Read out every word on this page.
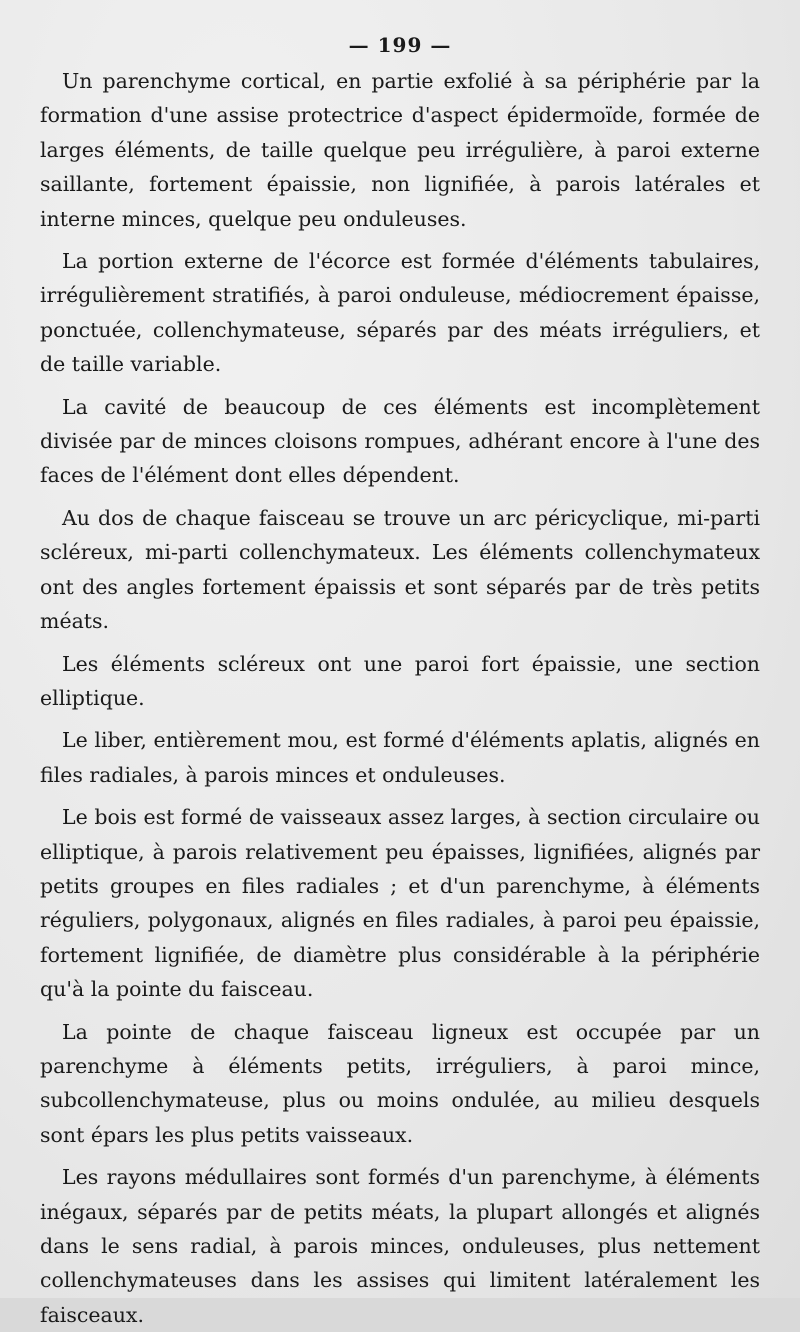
— 199 —

Un parenchyme cortical, en partie exfolié à sa périphérie par la formation d'une assise protectrice d'aspect épidermoïde, formée de larges éléments, de taille quelque peu irrégulière, à paroi externe saillante, fortement épaissie, non lignifiée, à parois latérales et interne minces, quelque peu onduleuses.

La portion externe de l'écorce est formée d'éléments tabulaires, irrégulièrement stratifiés, à paroi onduleuse, médiocrement épaisse, ponctuée, collenchymateuse, séparés par des méats irréguliers, et de taille variable.

La cavité de beaucoup de ces éléments est incomplètement divisée par de minces cloisons rompues, adhérant encore à l'une des faces de l'élément dont elles dépendent.

Au dos de chaque faisceau se trouve un arc péricyclique, mi-parti scléreux, mi-parti collenchymateux. Les éléments collenchymateux ont des angles fortement épaissis et sont séparés par de très petits méats.

Les éléments scléreux ont une paroi fort épaissie, une section elliptique.

Le liber, entièrement mou, est formé d'éléments aplatis, alignés en files radiales, à parois minces et onduleuses.

Le bois est formé de vaisseaux assez larges, à section circulaire ou elliptique, à parois relativement peu épaisses, lignifiées, alignés par petits groupes en files radiales ; et d'un parenchyme, à éléments réguliers, polygonaux, alignés en files radiales, à paroi peu épaissie, fortement lignifiée, de diamètre plus considérable à la périphérie qu'à la pointe du faisceau.

La pointe de chaque faisceau ligneux est occupée par un parenchyme à éléments petits, irréguliers, à paroi mince, subcollenchymateuse, plus ou moins ondulée, au milieu desquels sont épars les plus petits vaisseaux.

Les rayons médullaires sont formés d'un parenchyme, à éléments inégaux, séparés par de petits méats, la plupart allongés et alignés dans le sens radial, à parois minces, onduleuses, plus nettement collenchymateuses dans les assises qui limitent latéralement les faisceaux.
